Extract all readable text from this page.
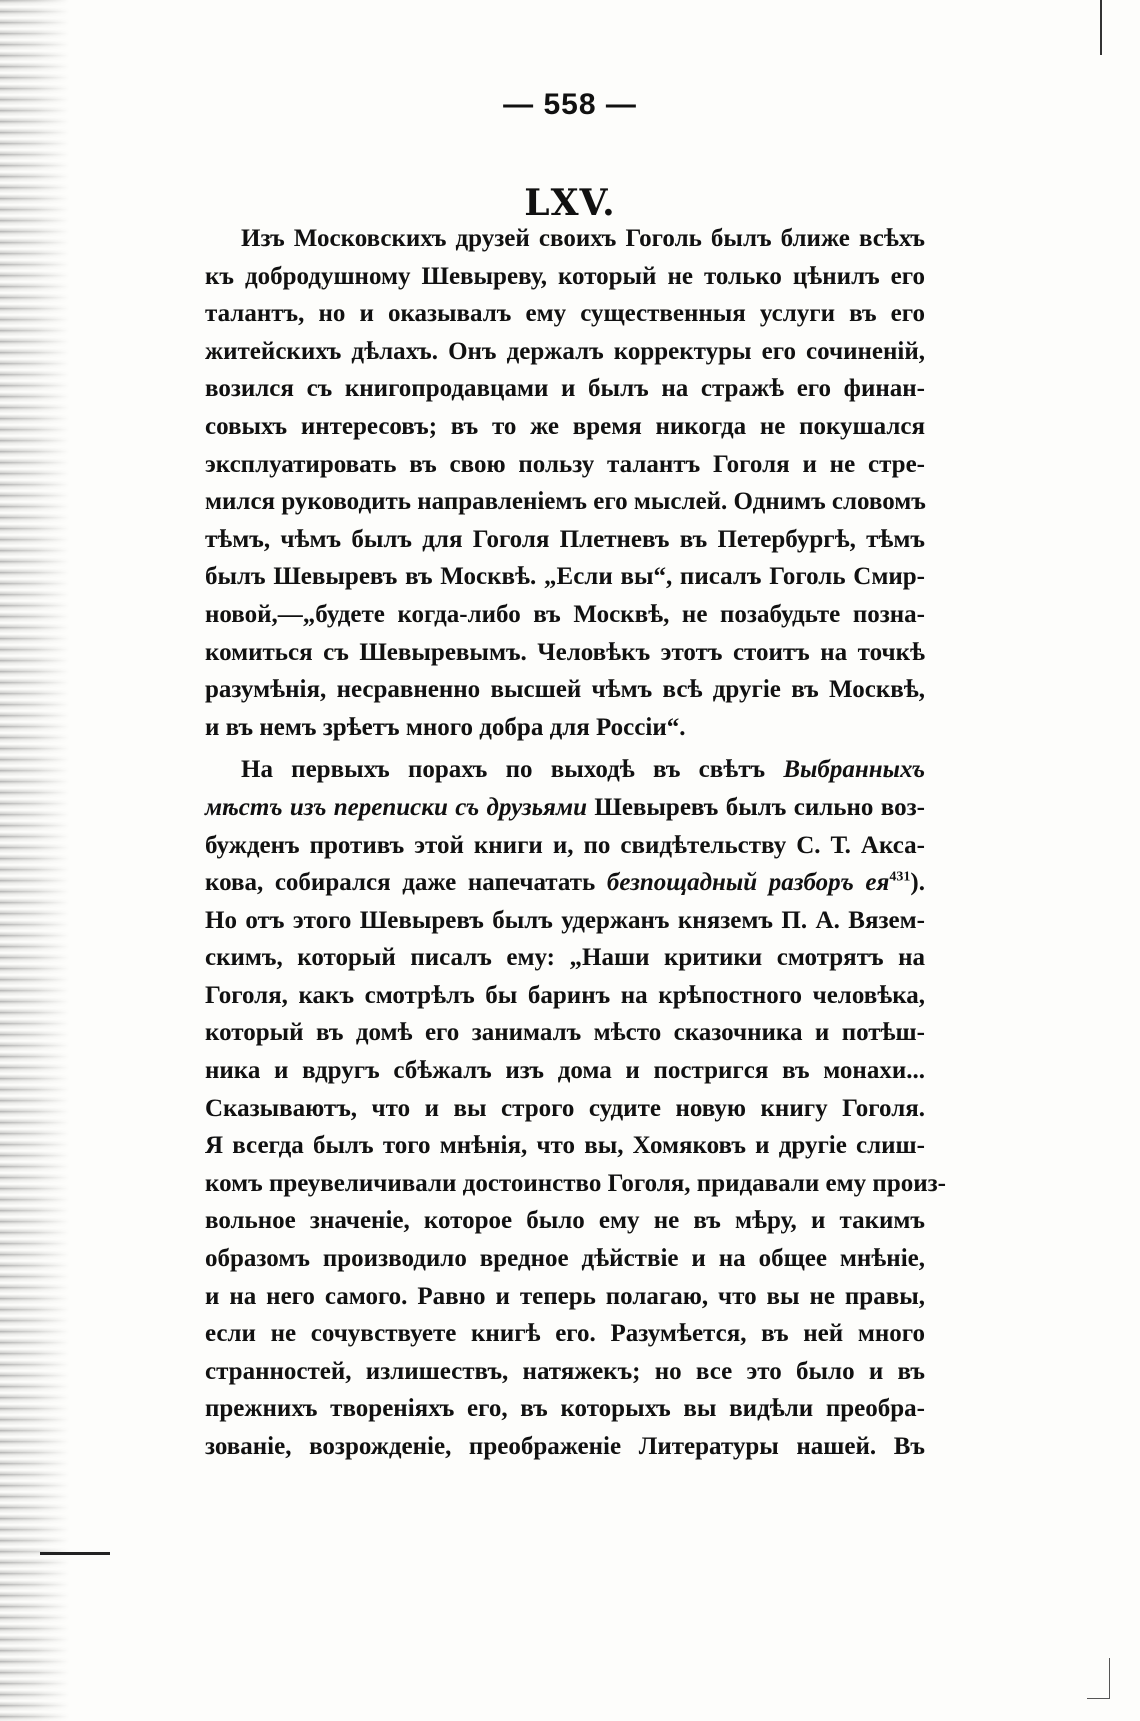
— 558 —
LXV.
Изъ Московскихъ друзей своихъ Гоголь былъ ближе всѣхъ
къ добродушному Шевыреву, который не только цѣнилъ его
талантъ, но и оказывалъ ему существенныя услуги въ его
житейскихъ дѣлахъ. Онъ держалъ корректуры его сочиненій,
возился съ книгопродавцами и былъ на стражѣ его финан-
совыхъ интересовъ; въ то же время никогда не покушался
эксплуатировать въ свою пользу талантъ Гоголя и не стре-
мился руководить направленіемъ его мыслей. Однимъ словомъ
тѣмъ, чѣмъ былъ для Гоголя Плетневъ въ Петербургѣ, тѣмъ
былъ Шевыревъ въ Москвѣ. „Если вы“, писалъ Гоголь Смир-
новой,—„будете когда-либо въ Москвѣ, не позабудьте позна-
комиться съ Шевыревымъ. Человѣкъ этотъ стоитъ на точкѣ
разумѣнія, несравненно высшей чѣмъ всѣ другіе въ Москвѣ,
и въ немъ зрѣетъ много добра для Россіи“.
На первыхъ порахъ по выходѣ въ свѣтъ Выбранныхъ
мѣстъ изъ переписки съ друзьями Шевыревъ былъ сильно воз-
бужденъ противъ этой книги и, по свидѣтельству С. Т. Акса-
кова, собирался даже напечатать безпощадный разборъ $ея^{431}$).
Но отъ этого Шевыревъ былъ удержанъ княземъ П. А. Вязем-
скимъ, который писалъ ему: „Наши критики смотрятъ на
Гоголя, какъ смотрѣлъ бы баринъ на крѣпостного человѣка,
который въ домѣ его занималъ мѣсто сказочника и потѣш-
ника и вдругъ сбѣжалъ изъ дома и постригся въ монахи...
Сказываютъ, что и вы строго судите новую книгу Гоголя.
Я всегда былъ того мнѣнія, что вы, Хомяковъ и другіе слиш-
комъ преувеличивали достоинство Гоголя, придавали ему произ-
вольное значеніе, которое было ему не въ мѣру, и такимъ
образомъ производило вредное дѣйствіе и на общее мнѣніе,
и на него самого. Равно и теперь полагаю, что вы не правы,
если не сочувствуете книгѣ его. Разумѣется, въ ней много
странностей, излишествъ, натяжекъ; но все это было и въ
прежнихъ твореніяхъ его, въ которыхъ вы видѣли преобра-
зованіе, возрожденіе, преображеніе Литературы нашей. Въ
